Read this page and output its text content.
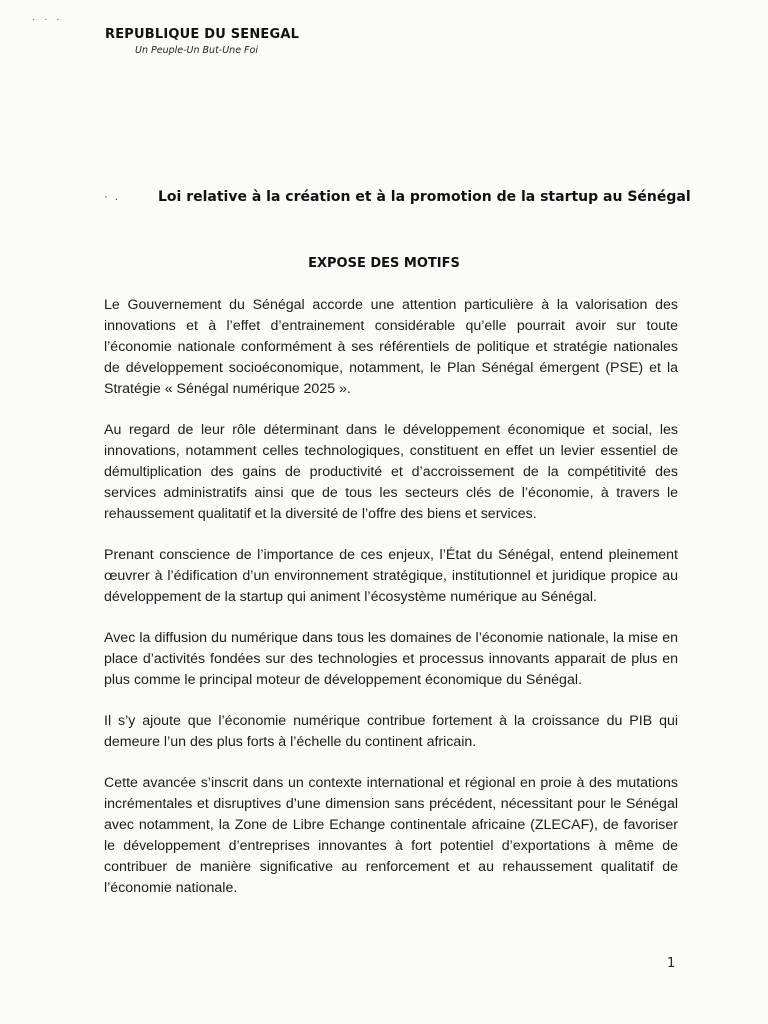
· · ·
REPUBLIQUE DU SENEGAL
Un Peuple-Un But-Une Foi
·  .	Loi relative à la création et à la promotion de la startup au Sénégal
EXPOSE DES MOTIFS

Le Gouvernement du Sénégal accorde une attention particulière à la valorisation des innovations et à l’effet d’entrainement considérable qu’elle pourrait avoir sur toute l’économie nationale conformément à ses référentiels de politique et stratégie nationales de développement socioéconomique, notamment, le Plan Sénégal émergent (PSE) et la Stratégie « Sénégal numérique 2025 ».

Au regard de leur rôle déterminant dans le développement économique et social, les innovations, notamment celles technologiques, constituent en effet un levier essentiel de démultiplication des gains de productivité et d’accroissement de la compétitivité des services administratifs ainsi que de tous les secteurs clés de l’économie, à travers le rehaussement qualitatif et la diversité de l’offre des biens et services.

Prenant conscience de l’importance de ces enjeux, l’État du Sénégal, entend pleinement œuvrer à l’édification d’un environnement stratégique, institutionnel et juridique propice au développement de la startup qui animent l’écosystème numérique au Sénégal.

Avec la diffusion du numérique dans tous les domaines de l’économie nationale, la mise en place d’activités fondées sur des technologies et processus innovants apparait de plus en plus comme le principal moteur de développement économique du Sénégal.

Il s’y ajoute que l’économie numérique contribue fortement à la croissance du PIB qui demeure l’un des plus forts à l’échelle du continent africain.

Cette avancée s’inscrit dans un contexte international et régional en proie à des mutations incrémentales et disruptives d’une dimension sans précédent, nécessitant pour le Sénégal avec notamment, la Zone de Libre Echange continentale africaine (ZLECAF), de favoriser le développement d’entreprises innovantes à fort potentiel d’exportations à même de contribuer de manière significative au renforcement et au rehaussement qualitatif de l’économie nationale.

1
